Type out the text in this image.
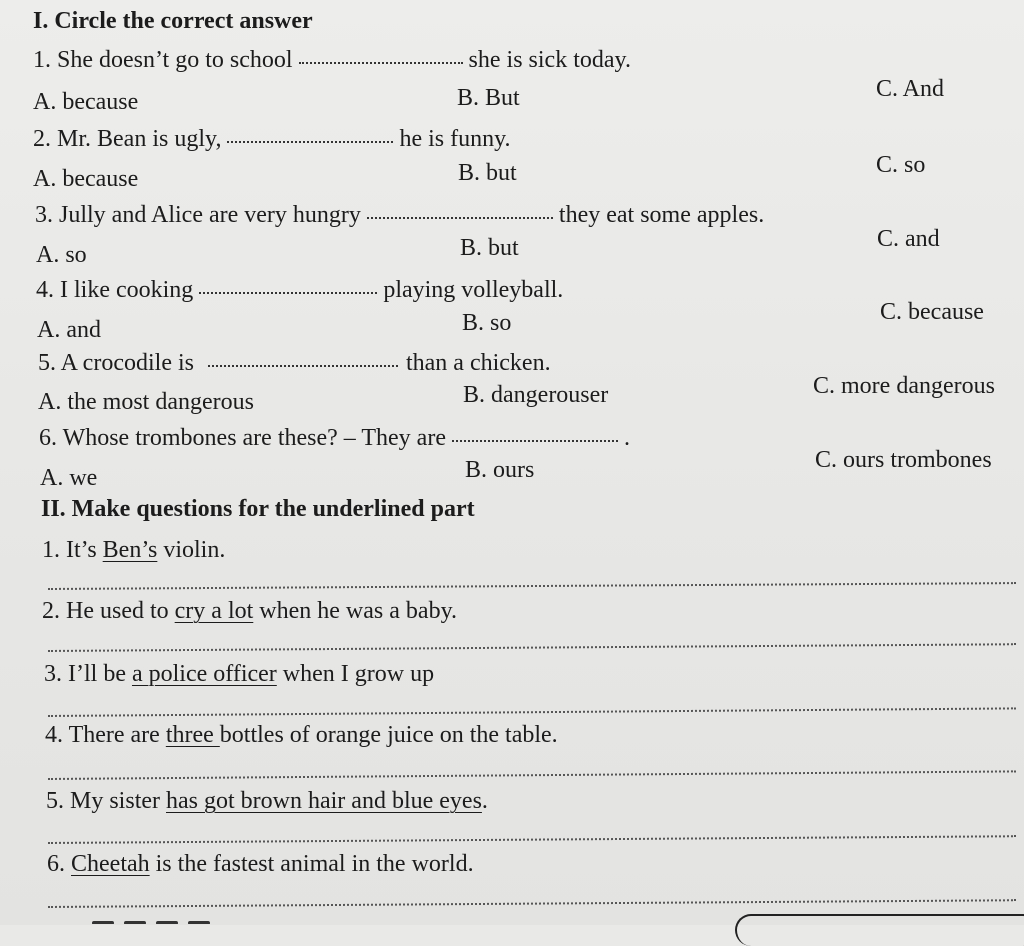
I. Circle the correct answer
1. She doesn’t go to school	she is sick today.
A. because	B. But	C. And
2. Mr. Bean is ugly,	he is funny.
A. because	B. but	C. so
3. Jully and Alice are very hungry	they eat some apples.
A. so	B. but	C. and
4. I like cooking	playing volleyball.
A. and	B. so	C. because
5. A crocodile is	than a chicken.
A. the most dangerous	B. dangerouser	C. more dangerous
6. Whose trombones are these? – They are	.
A. we	B. ours	C. ours trombones
II. Make questions for the underlined part
1. It’s Ben’s violin.
2. He used to cry a lot when he was a baby.
3. I’ll be a police officer when I grow up
4. There are three bottles of orange juice on the table.
5. My sister has got brown hair and blue eyes.
6. Cheetah is the fastest animal in the world.
